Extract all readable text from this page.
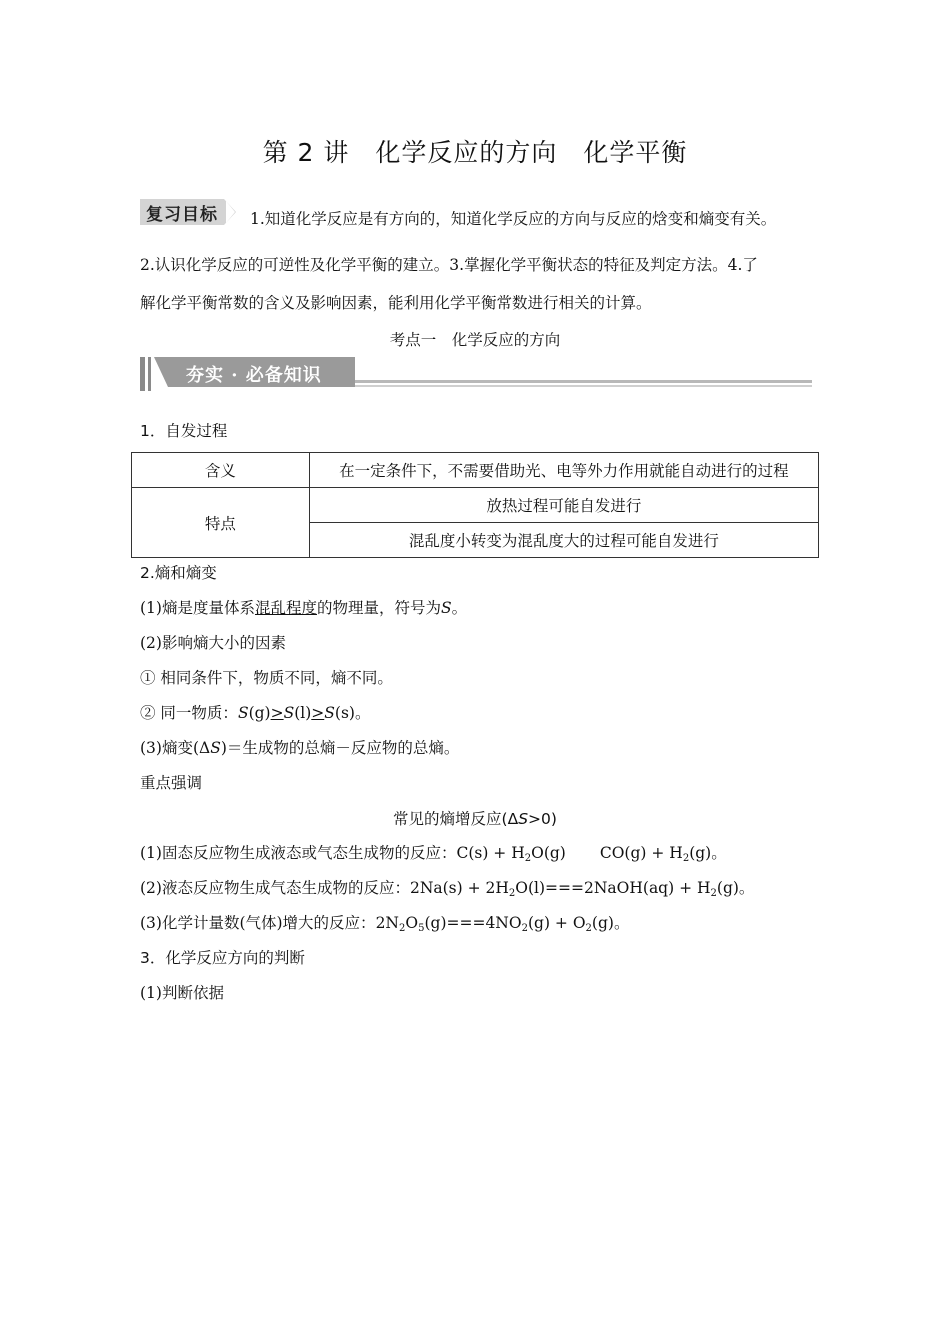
第 2 讲　化学反应的方向　化学平衡
复习目标 1.知道化学反应是有方向的，知道化学反应的方向与反应的焓变和熵变有关。
2.认识化学反应的可逆性及化学平衡的建立。3.掌握化学平衡状态的特征及判定方法。4.了
解化学平衡常数的含义及影响因素，能利用化学平衡常数进行相关的计算。
考点一　化学反应的方向
夯实 · 必备知识
1．自发过程
含义	在一定条件下，不需要借助光、电等外力作用就能自动进行的过程
特点	放热过程可能自发进行
	混乱度小转变为混乱度大的过程可能自发进行
2.熵和熵变
(1)熵是度量体系混乱程度的物理量，符号为S。
(2)影响熵大小的因素
① 相同条件下，物质不同，熵不同。
② 同一物质：S(g)>S(l)>S(s)。
(3)熵变(ΔS)＝生成物的总熵－反应物的总熵。
重点强调
常见的熵增反应(ΔS>0)
(1)固态反应物生成液态或气态生成物的反应：$C(s) + H_2O(g) CO(g) + H_2(g)$。
(2)液态反应物生成气态生成物的反应：$2Na(s) + 2H_2O(l)===2NaOH(aq) + H_2(g)$。
(3)化学计量数(气体)增大的反应：$2N_2O_5(g)===4NO_2(g) + O_2(g)$。
3．化学反应方向的判断
(1)判断依据
